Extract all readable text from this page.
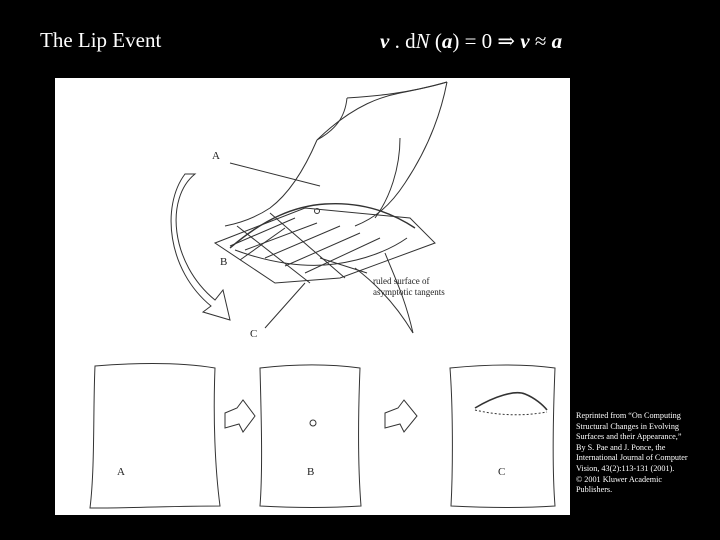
The Lip Event	v . dN (a) = 0 ⇒ v ≈ a
A
B
C
ruled surface of
asymptotic tangents
A	B	C
Reprinted from “On Computing
Structural Changes in Evolving
Surfaces and their Appearance,”
By S. Pae and J. Ponce, the
International Journal of Computer
Vision, 43(2):113-131 (2001).
© 2001 Kluwer Academic
Publishers.
